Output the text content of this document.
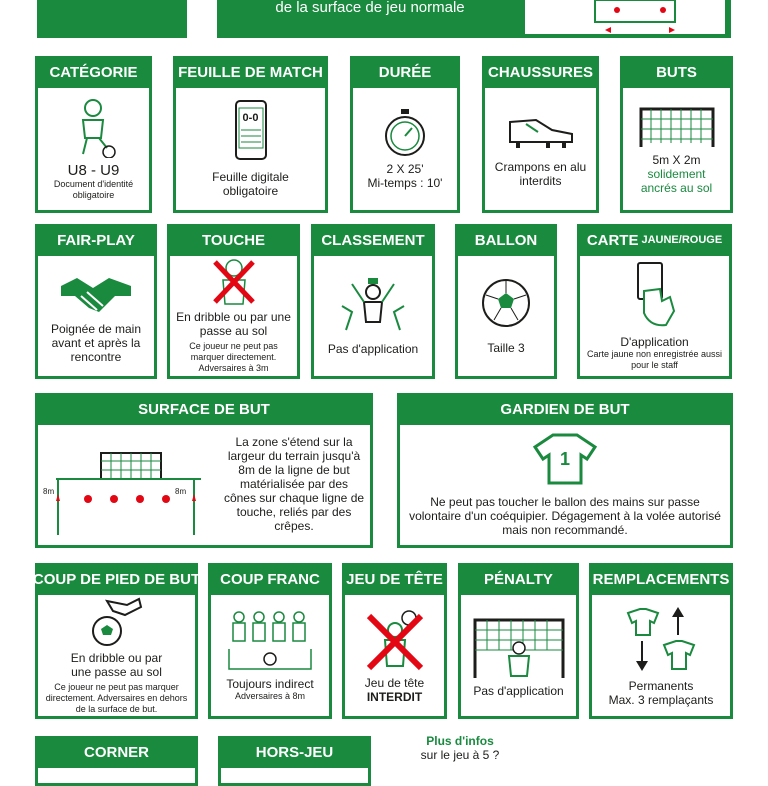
de la surface de jeu normale
CATÉGORIE
U8 - U9
Document d'identité obligatoire
FEUILLE DE MATCH
0-0
Feuille digitale obligatoire
DURÉE
2 X 25'
Mi-temps : 10'
CHAUSSURES
Crampons en alu interdits
BUTS
5m X 2m
solidement ancrés au sol
FAIR-PLAY
Poignée de main avant et après la rencontre
TOUCHE
En dribble ou par une passe au sol
Ce joueur ne peut pas marquer directement. Adversaires à 3m
CLASSEMENT
Pas d'application
BALLON
Taille 3
CARTE JAUNE/ROUGE
D'application
Carte jaune non enregistrée aussi pour le staff
SURFACE DE BUT
8m	8m
La zone s'étend sur la largeur du terrain jusqu'à 8m de la ligne de but matérialisée par des cônes sur chaque ligne de touche, reliés par des crêpes.
GARDIEN DE BUT
1
Ne peut pas toucher le ballon des mains sur passe volontaire d'un coéquipier. Dégagement à la volée autorisé mais non recommandé.
COUP DE PIED DE BUT
En dribble ou par une passe au sol
Ce joueur ne peut pas marquer directement. Adversaires en dehors de la surface de but.
COUP FRANC
Toujours indirect
Adversaires à 8m
JEU DE TÊTE
Jeu de tête
INTERDIT
PÉNALTY
Pas d'application
REMPLACEMENTS
Permanents
Max. 3 remplaçants
CORNER	HORS-JEU
Plus d'infos
sur le jeu à 5 ?
